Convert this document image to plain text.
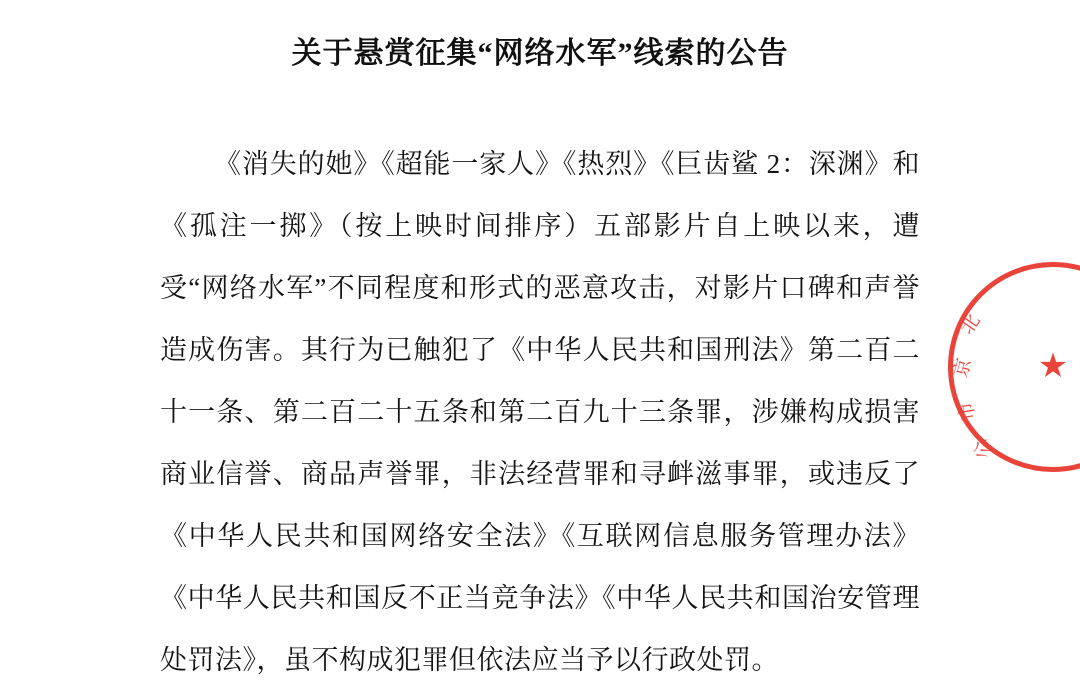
关于悬赏征集“网络水军”线索的公告

《消失的她》《超能一家人》《热烈》《巨齿鲨 2：深渊》和《孤注一掷》（按上映时间排序）五部影片自上映以来，遭受“网络水军”不同程度和形式的恶意攻击，对影片口碑和声誉造成伤害。其行为已触犯了《中华人民共和国刑法》第二百二十一条、第二百二十五条和第二百九十三条罪，涉嫌构成损害商业信誉、商品声誉罪，非法经营罪和寻衅滋事罪，或违反了《中华人民共和国网络安全法》《互联网信息服务管理办法》《中华人民共和国反不正当竞争法》《中华人民共和国治安管理处罚法》，虽不构成犯罪但依法应当予以行政处罚。

北
京
市
公
★
